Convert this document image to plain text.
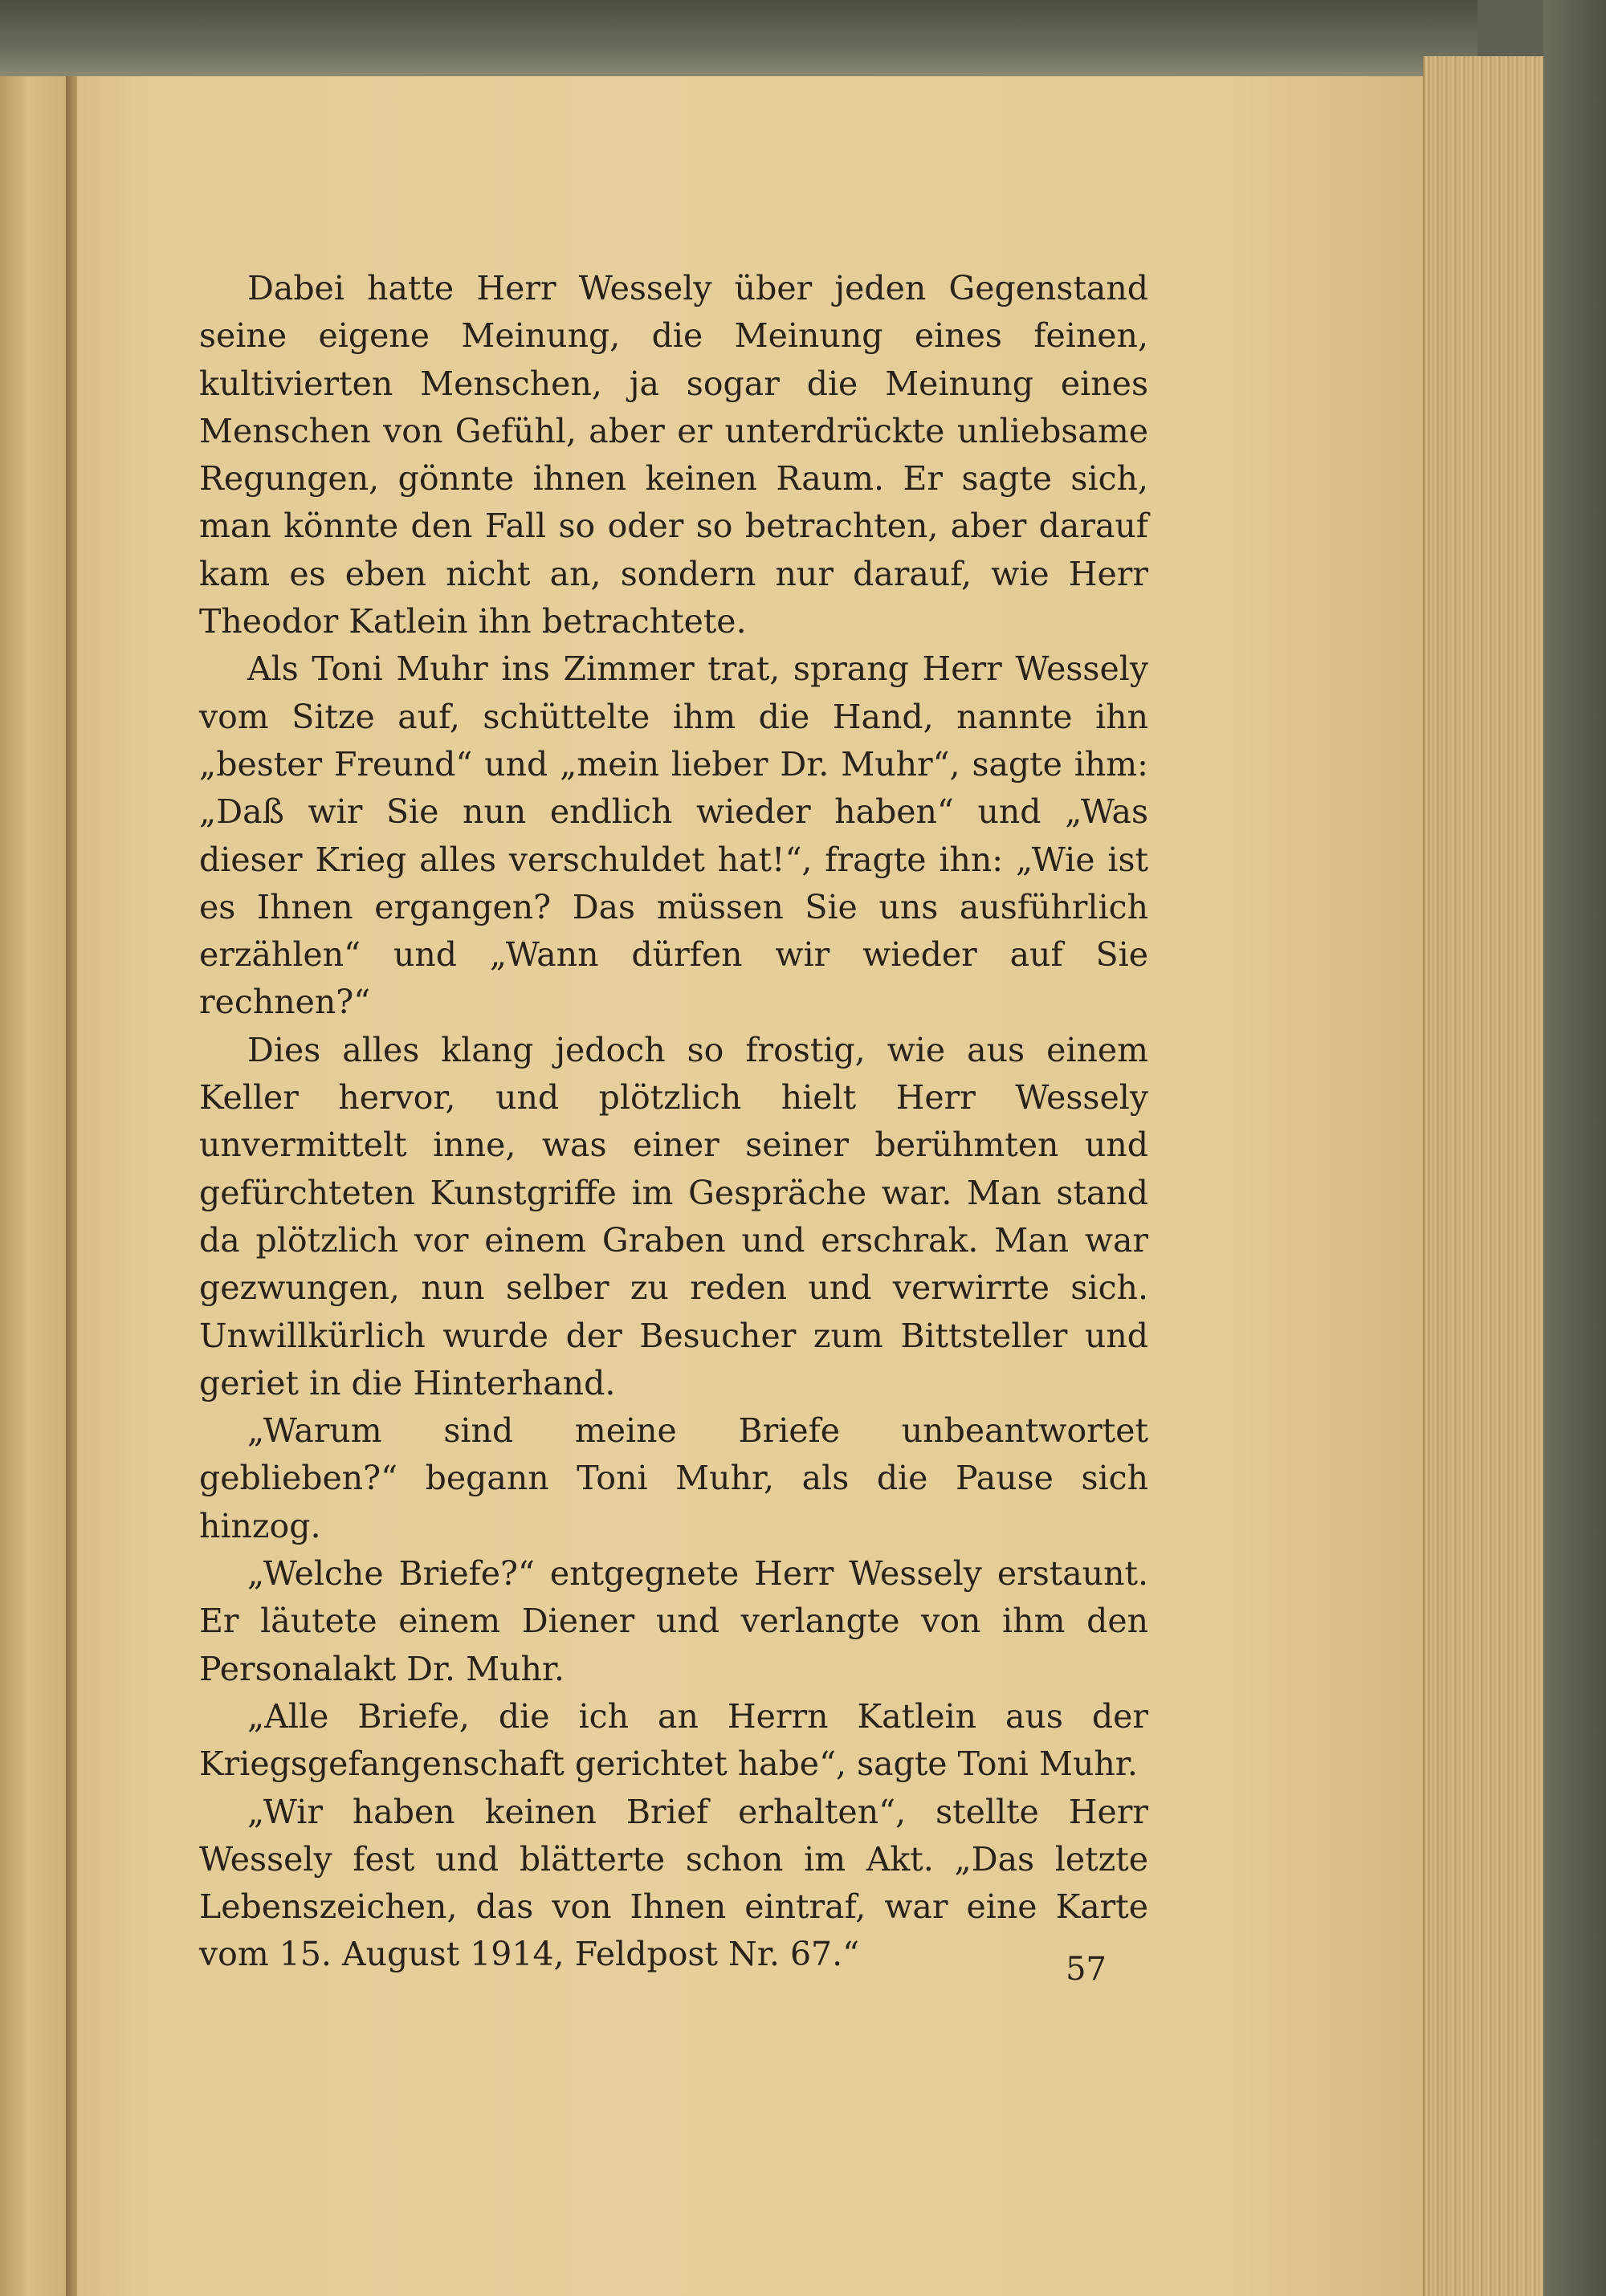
Dabei hatte Herr Wessely über jeden Gegenstand seine eigene Meinung, die Meinung eines feinen, kultivierten Menschen, ja sogar die Meinung eines Menschen von Gefühl, aber er unterdrückte unliebsame Regungen, gönnte ihnen keinen Raum. Er sagte sich, man könnte den Fall so oder so betrachten, aber darauf kam es eben nicht an, sondern nur darauf, wie Herr Theodor Katlein ihn betrachtete.

Als Toni Muhr ins Zimmer trat, sprang Herr Wessely vom Sitze auf, schüttelte ihm die Hand, nannte ihn „bester Freund“ und „mein lieber Dr. Muhr“, sagte ihm: „Daß wir Sie nun endlich wieder haben“ und „Was dieser Krieg alles verschuldet hat!“, fragte ihn: „Wie ist es Ihnen ergangen? Das müssen Sie uns ausführlich erzählen“ und „Wann dürfen wir wieder auf Sie rechnen?“

Dies alles klang jedoch so frostig, wie aus einem Keller hervor, und plötzlich hielt Herr Wessely unvermittelt inne, was einer seiner berühmten und gefürchteten Kunstgriffe im Gespräche war. Man stand da plötzlich vor einem Graben und erschrak. Man war gezwungen, nun selber zu reden und verwirrte sich. Unwillkürlich wurde der Besucher zum Bittsteller und geriet in die Hinterhand.

„Warum sind meine Briefe unbeantwortet geblieben?“ begann Toni Muhr, als die Pause sich hinzog.

„Welche Briefe?“ entgegnete Herr Wessely erstaunt. Er läutete einem Diener und verlangte von ihm den Personalakt Dr. Muhr.

„Alle Briefe, die ich an Herrn Katlein aus der Kriegsgefangenschaft gerichtet habe“, sagte Toni Muhr.

„Wir haben keinen Brief erhalten“, stellte Herr Wessely fest und blätterte schon im Akt. „Das letzte Lebenszeichen, das von Ihnen eintraf, war eine Karte vom 15. August 1914, Feldpost Nr. 67.“	57
